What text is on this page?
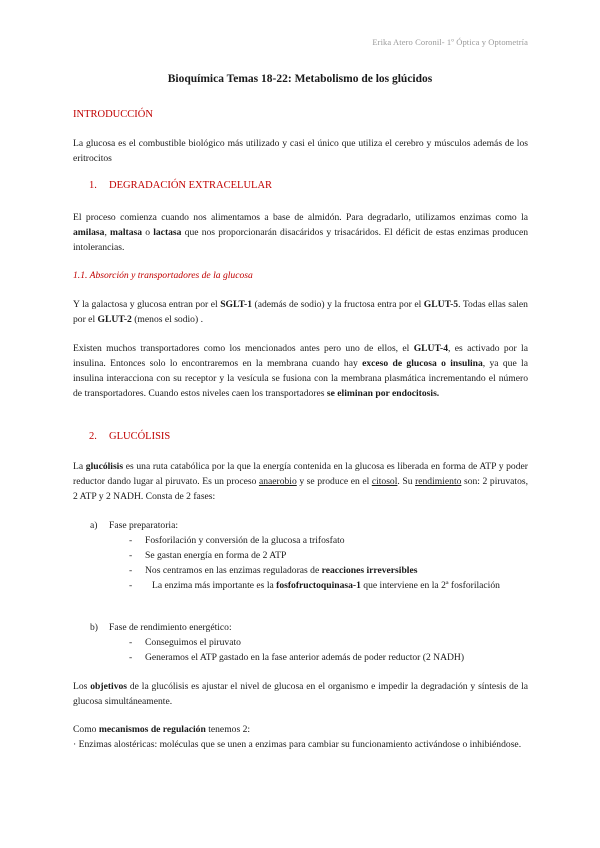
Erika Atero Coronil- 1º Óptica y Optometría
Bioquímica Temas 18-22: Metabolismo de los glúcidos
INTRODUCCIÓN
La glucosa es el combustible biológico más utilizado y casi el único que utiliza el cerebro y músculos además de los eritrocitos
1. DEGRADACIÓN EXTRACELULAR
El proceso comienza cuando nos alimentamos a base de almidón. Para degradarlo, utilizamos enzimas como la amilasa, maltasa o lactasa que nos proporcionarán disacáridos y trisacáridos. El déficit de estas enzimas producen intolerancias.
1.1. Absorción y transportadores de la glucosa
Y la galactosa y glucosa entran por el SGLT-1 (además de sodio) y la fructosa entra por el GLUT-5. Todas ellas salen por el GLUT-2 (menos el sodio) .
Existen muchos transportadores como los mencionados antes pero uno de ellos, el GLUT-4, es activado por la insulina. Entonces solo lo encontraremos en la membrana cuando hay exceso de glucosa o insulina, ya que la insulina interacciona con su receptor y la vesícula se fusiona con la membrana plasmática incrementando el número de transportadores. Cuando estos niveles caen los transportadores se eliminan por endocitosis.
2. GLUCÓLISIS
La glucólisis es una ruta catabólica por la que la energía contenida en la glucosa es liberada en forma de ATP y poder reductor dando lugar al piruvato. Es un proceso anaerobio y se produce en el citosol. Su rendimiento son: 2 piruvatos, 2 ATP y 2 NADH. Consta de 2 fases:
a) Fase preparatoria:
- Fosforilación y conversión de la glucosa a trifosfato
- Se gastan energía en forma de 2 ATP
- Nos centramos en las enzimas reguladoras de reacciones irreversibles
-	La enzima más importante es la fosfofructoquinasa-1 que interviene en la 2ª fosforilación
b) Fase de rendimiento energético:
- Conseguimos el piruvato
- Generamos el ATP gastado en la fase anterior además de poder reductor (2 NADH)
Los objetivos de la glucólisis es ajustar el nivel de glucosa en el organismo e impedir la degradación y síntesis de la glucosa simultáneamente.
Como mecanismos de regulación tenemos 2:
· Enzimas alostéricas: moléculas que se unen a enzimas para cambiar su funcionamiento activándose o inhibiéndose.
